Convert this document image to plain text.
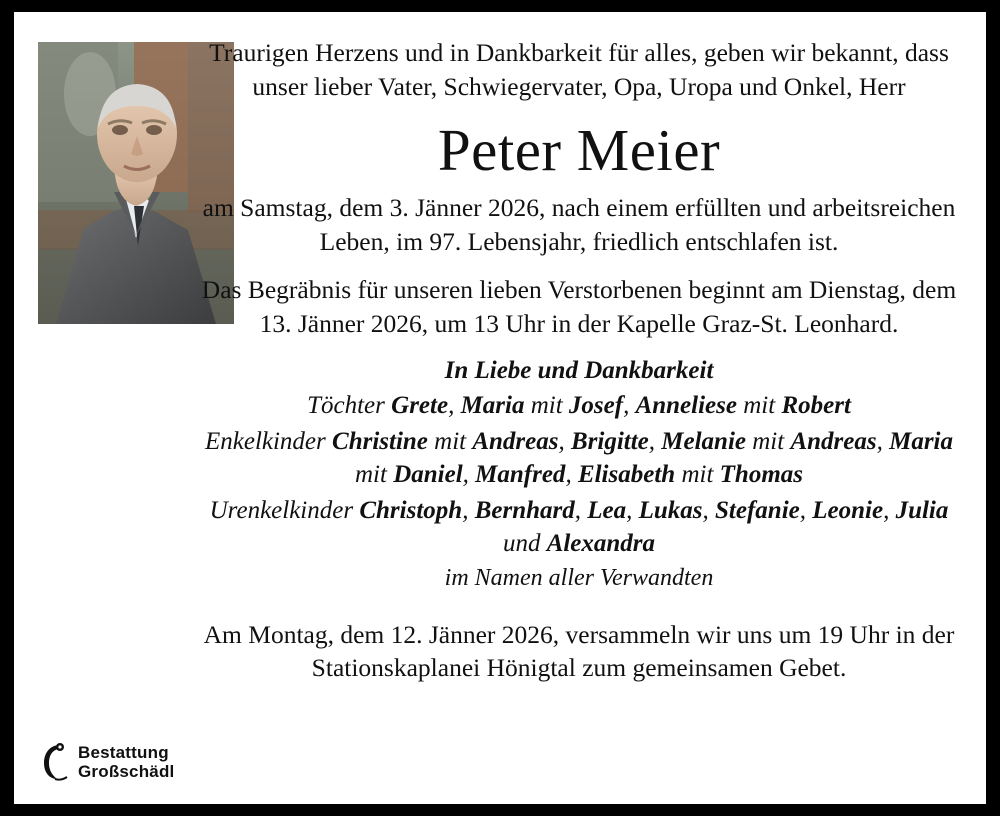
Traurigen Herzens und in Dankbarkeit für alles, geben wir bekannt, dass unser lieber Vater, Schwiegervater, Opa, Uropa und Onkel, Herr

Peter Meier

am Samstag, dem 3. Jänner 2026, nach einem erfüllten und arbeitsreichen Leben, im 97. Lebensjahr, friedlich entschlafen ist.

Das Begräbnis für unseren lieben Verstorbenen beginnt am Dienstag, dem 13. Jänner 2026, um 13 Uhr in der Kapelle Graz-St. Leonhard.

In Liebe und Dankbarkeit

Töchter Grete, Maria mit Josef, Anneliese mit Robert

Enkelkinder Christine mit Andreas, Brigitte, Melanie mit Andreas, Maria mit Daniel, Manfred, Elisabeth mit Thomas

Urenkelkinder Christoph, Bernhard, Lea, Lukas, Stefanie, Leonie, Julia und Alexandra

im Namen aller Verwandten

Am Montag, dem 12. Jänner 2026, versammeln wir uns um 19 Uhr in der Stationskaplanei Hönigtal zum gemeinsamen Gebet.

Bestattung
Großschädl
